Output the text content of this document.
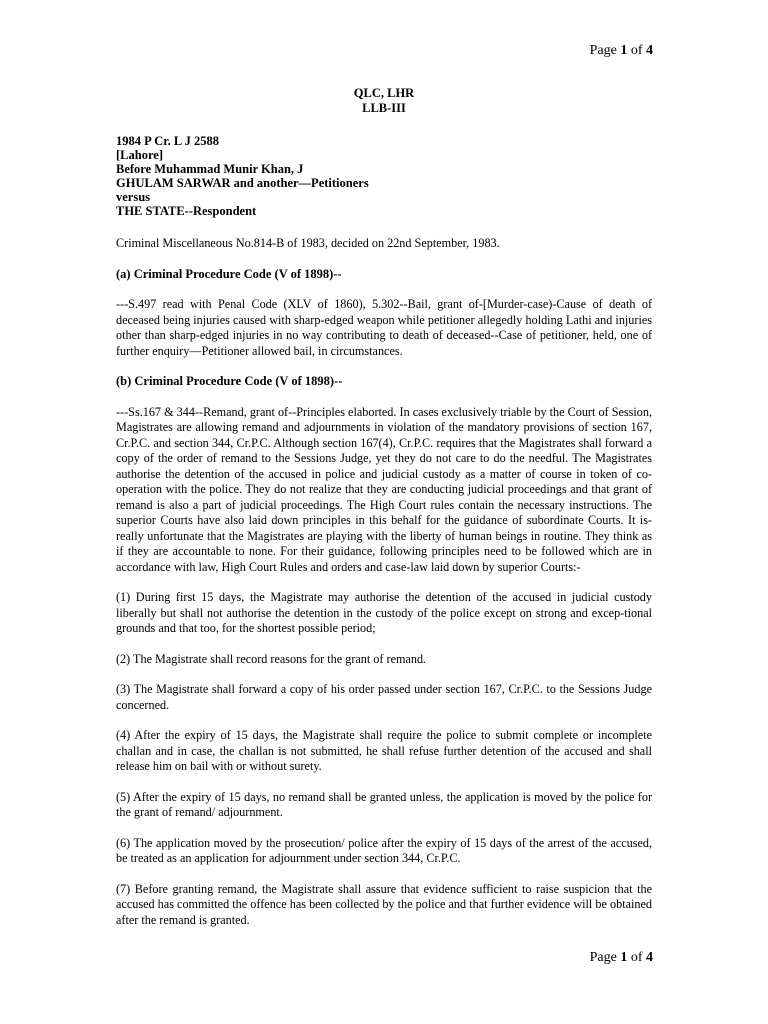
Page 1 of 4
QLC, LHR
LLB-III
1984 P Cr. L J 2588
[Lahore]
Before Muhammad Munir Khan, J
GHULAM SARWAR and another—Petitioners
versus
THE STATE--Respondent

Criminal Miscellaneous No.814-B of 1983, decided on 22nd September, 1983.

(a) Criminal Procedure Code (V of 1898)--

---S.497 read with Penal Code (XLV of 1860), 5.302--Bail, grant of-[Murder-case)-Cause of death of deceased being injuries caused with sharp-edged weapon while petitioner allegedly holding Lathi and injuries other than sharp-edged injuries in no way contributing to death of deceased--Case of petitioner, held, one of further enquiry—Petitioner allowed bail, in circumstances.

(b) Criminal Procedure Code (V of 1898)--

---Ss.167 & 344--Remand, grant of--Principles elaborted. In cases exclusively triable by the Court of Session, Magistrates are allowing remand and adjournments in violation of the mandatory provisions of section 167, Cr.P.C. and section 344, Cr.P.C. Although section 167(4), Cr.P.C. requires that the Magistrates shall forward a copy of the order of remand to the Sessions Judge, yet they do not care to do the needful. The Magistrates authorise the detention of the accused in police and judicial custody as a matter of course in token of co-operation with the police. They do not realize that they are conducting judicial proceedings and that grant of remand is also a part of judicial proceedings. The High Court rules contain the necessary instructions. The superior Courts have also laid down principles in this behalf for the guidance of subordinate Courts. It is- really unfortunate that the Magistrates are playing with the liberty of human beings in routine. They think as if they are accountable to none. For their guidance, following principles need to be followed which are in accordance with law, High Court Rules and orders and case-law laid down by superior Courts:-

(1) During first 15 days, the Magistrate may authorise the detention of the accused in judicial custody liberally but shall not authorise the detention in the custody of the police except on strong and excep-tional grounds and that too, for the shortest possible period;

(2) The Magistrate shall record reasons for the grant of remand.

(3) The Magistrate shall forward a copy of his order passed under section 167, Cr.P.C. to the Sessions Judge concerned.

(4) After the expiry of 15 days, the Magistrate shall require the police to submit complete or incomplete challan and in case, the challan is not submitted, he shall refuse further detention of the accused and shall release him on bail with or without surety.

(5) After the expiry of 15 days, no remand shall be granted unless, the application is moved by the police for the grant of remand/ adjournment.

(6) The application moved by the prosecution/ police after the expiry of 15 days of the arrest of the accused, be treated as an application for adjournment under section 344, Cr.P.C.

(7) Before granting remand, the Magistrate shall assure that evidence sufficient to raise suspicion that the accused has committed the offence has been collected by the police and that further evidence will be obtained after the remand is granted.

Page 1 of 4
